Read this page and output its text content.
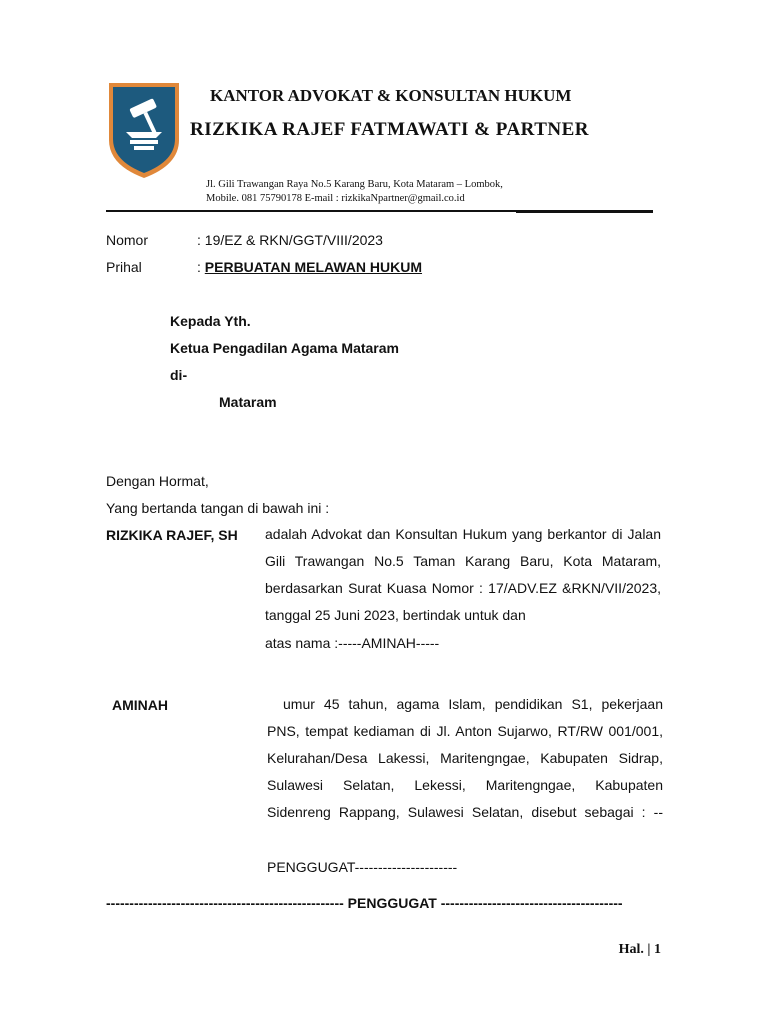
KANTOR ADVOKAT & KONSULTAN HUKUM
RIZKIKA RAJEF FATMAWATI & PARTNER
Jl. Gili Trawangan Raya No.5 Karang Baru, Kota Mataram – Lombok,
Mobile. 081 75790178 E-mail : rizkikaNpartner@gmail.co.id
Nomor	: 19/EZ & RKN/GGT/VIII/2023
Prihal	: PERBUATAN MELAWAN HUKUM
Kepada Yth.
Ketua Pengadilan Agama Mataram
di-
Mataram
Dengan Hormat,
Yang bertanda tangan di bawah ini :
RIZKIKA RAJEF, SH adalah Advokat dan Konsultan Hukum yang berkantor di Jalan Gili Trawangan No.5 Taman Karang Baru, Kota Mataram, berdasarkan Surat Kuasa Nomor : 17/ADV.EZ &RKN/VII/2023, tanggal 25 Juni 2023, bertindak untuk dan
atas nama :-----AMINAH-----
AMINAH	umur 45 tahun, agama Islam, pendidikan S1, pekerjaan PNS, tempat kediaman di Jl. Anton Sujarwo, RT/RW 001/001, Kelurahan/Desa Lakessi, Maritengngae, Kabupaten Sidrap, Sulawesi Selatan, Lekessi, Maritengngae, Kabupaten Sidenreng Rappang, Sulawesi Selatan, disebut sebagai : --
PENGGUGAT----------------------
--------------------------------------------------- PENGGUGAT ---------------------------------------
Hal. | 1
